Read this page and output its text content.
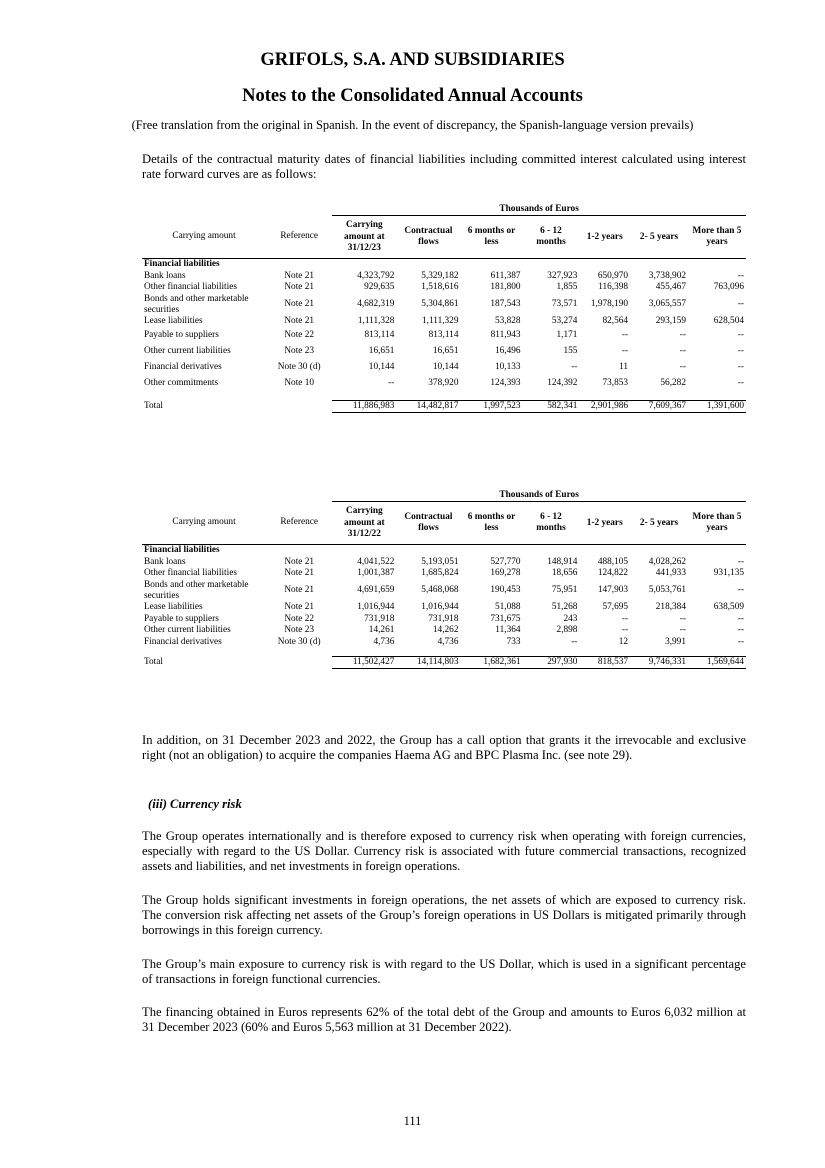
GRIFOLS, S.A. AND SUBSIDIARIES
Notes to the Consolidated Annual Accounts
(Free translation from the original in Spanish. In the event of discrepancy, the Spanish-language version prevails)
Details of the contractual maturity dates of financial liabilities including committed interest calculated using interest rate forward curves are as follows:
		Thousands of Euros						
Carrying amount	Reference	Carrying amount at 31/12/23	Contractual flows	6 months or less	6 - 12 months	1-2 years	2- 5 years	More than 5 years
Financial liabilities								
Bank loans	Note 21	4,323,792	5,329,182	611,387	327,923	650,970	3,738,902	--
Other financial liabilities	Note 21	929,635	1,518,616	181,800	1,855	116,398	455,467	763,096
Bonds and other marketable securities	Note 21	4,682,319	5,304,861	187,543	73,571	1,978,190	3,065,557	--
Lease liabilities	Note 21	1,111,328	1,111,329	53,828	53,274	82,564	293,159	628,504
Payable to suppliers	Note 22	813,114	813,114	811,943	1,171	--	--	--
Other current liabilities	Note 23	16,651	16,651	16,496	155	--	--	--
Financial derivatives	Note 30 (d)	10,144	10,144	10,133	--	11	--	--
Other commitments	Note 10	--	378,920	124,393	124,392	73,853	56,282	--

Total		11,886,983	14,482,817	1,997,523	582,341	2,901,986	7,609,367	1,391,600
		Thousands of Euros						
Carrying amount	Reference	Carrying amount at 31/12/22	Contractual flows	6 months or less	6 - 12 months	1-2 years	2- 5 years	More than 5 years
Financial liabilities								
Bank loans	Note 21	4,041,522	5,193,051	527,770	148,914	488,105	4,028,262	--
Other financial liabilities	Note 21	1,001,387	1,685,824	169,278	18,656	124,822	441,933	931,135
Bonds and other marketable securities	Note 21	4,691,659	5,468,068	190,453	75,951	147,903	5,053,761	--
Lease liabilities	Note 21	1,016,944	1,016,944	51,088	51,268	57,695	218,384	638,509
Payable to suppliers	Note 22	731,918	731,918	731,675	243	--	--	--
Other current liabilities	Note 23	14,261	14,262	11,364	2,898	--	--	--
Financial derivatives	Note 30 (d)	4,736	4,736	733	--	12	3,991	--

Total		11,502,427	14,114,803	1,682,361	297,930	818,537	9,746,331	1,569,644
In addition, on 31 December 2023 and 2022, the Group has a call option that grants it the irrevocable and exclusive right (not an obligation) to acquire the companies Haema AG and BPC Plasma Inc. (see note 29).
(iii) Currency risk
The Group operates internationally and is therefore exposed to currency risk when operating with foreign currencies, especially with regard to the US Dollar. Currency risk is associated with future commercial transactions, recognized assets and liabilities, and net investments in foreign operations.
The Group holds significant investments in foreign operations, the net assets of which are exposed to currency risk. The conversion risk affecting net assets of the Group’s foreign operations in US Dollars is mitigated primarily through borrowings in this foreign currency.
The Group’s main exposure to currency risk is with regard to the US Dollar, which is used in a significant percentage of transactions in foreign functional currencies.
The financing obtained in Euros represents 62% of the total debt of the Group and amounts to Euros 6,032 million at 31 December 2023 (60% and Euros 5,563 million at 31 December 2022).
111
